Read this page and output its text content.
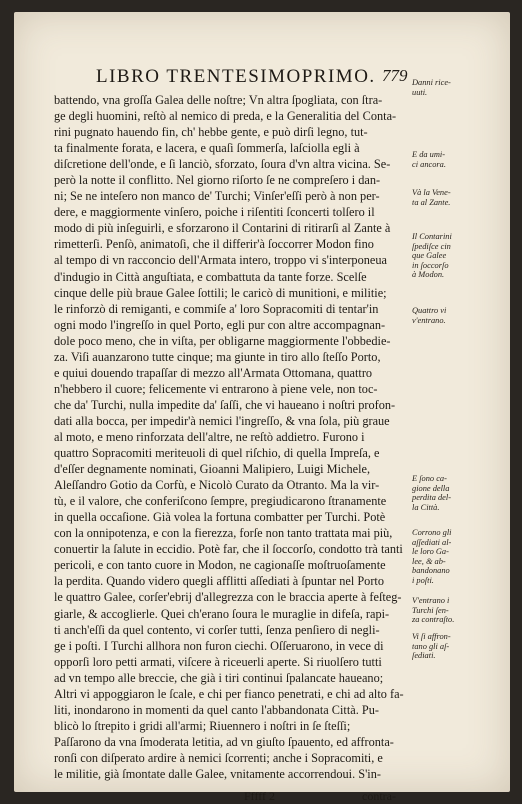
LIBRO TRENTESIMOPRIMO. 779
battendo, vna groſſa Galea delle noſtre; Vn altra ſpogliata, con ſtra-
ge degli huomini, reſtò al nemico di preda, e la Generalitia del Conta-
rini pugnato hauendo fin, ch' hebbe gente, e può dirſi legno, tut-
ta finalmente forata, e lacera, e quaſi ſommerſa, laſciolla egli à
diſcretione dell'onde, e ſi lanciò, sforzato, ſoura d'vn altra vicina. Se-
però la notte il conflitto. Nel giorno riſorto ſe ne compreſero i dan-
ni; Se ne inteſero non manco de' Turchi; Vinſer'eſſi però à non per-
dere, e maggiormente vinſero, poiche i riſentiti ſconcerti tolſero il
modo di più inſeguirli, e sforzarono il Contarini di ritirarſi al Zante à
rimetterſi. Penſò, animatoſi, che il differir'à ſoccorrer Modon fino
al tempo di vn racconcio dell'Armata intero, troppo vi s'interponeua
d'indugio in Città anguſtiata, e combattuta da tante forze. Scelſe
cinque delle più braue Galee ſottili; le caricò di munitioni, e militie;
le rinforzò di remiganti, e commiſe a' loro Sopracomiti di tentar'in
ogni modo l'ingreſſo in quel Porto, egli pur con altre accompagnan-
dole poco meno, che in viſta, per obligarne maggiormente l'obbedie-
za. Viſi auanzarono tutte cinque; ma giunte in tiro allo ſteſſo Porto,
e quiui douendo trapaſſar di mezzo all'Armata Ottomana, quattro
n'hebbero il cuore; felicemente vi entrarono à piene vele, non toc-
che da' Turchi, nulla impedite da' ſaſſi, che vi haueano i noſtri profon-
dati alla bocca, per impedir'à nemici l'ingreſſo, & vna ſola, più graue
al moto, e meno rinforzata dell'altre, ne reſtò addietro. Furono i
quattro Sopracomiti meriteuoli di quel riſchio, di quella Impreſa, e
d'eſſer degnamente nominati, Gioanni Malipiero, Luigi Michele,
Aleſſandro Gotio da Corfù, e Nicolò Curato da Otranto. Ma la vir-
tù, e il valore, che conferiſcono ſempre, pregiudicarono ſtranamente
in quella occaſione. Già volea la fortuna combatter per Turchi. Potè
con la onnipotenza, e con la fierezza, forſe non tanto trattata mai più,
conuertir la ſalute in eccidio. Potè far, che il ſoccorſo, condotto trà tanti
pericoli, e con tanto cuore in Modon, ne cagionaſſe moſtruoſamente
la perdita. Quando videro quegli afflitti aſſediati à ſpuntar nel Porto
le quattro Galee, corſer'ebrij d'allegrezza con le braccia aperte à feſteg-
giarle, & accoglierle. Quei ch'erano ſoura le muraglie in difeſa, rapi-
ti anch'eſſi da quel contento, vi corſer tutti, ſenza penſiero di negli-
ge i poſti. I Turchi allhora non furon ciechi. Oſſeruarono, in vece di
opporſi loro petti armati, viſcere à riceuerli aperte. Si riuolſero tutti
ad vn tempo alle breccie, che già i tiri continui ſpalancate haueano;
Altri vi appoggiaron le ſcale, e chi per fianco penetrati, e chi ad alto fa-
liti, inondarono in momenti da quel canto l'abbandonata Città. Pu-
blicò lo ſtrepito i gridi all'armi; Riuennero i noſtri in ſe ſteſſi;
Paſſarono da vna ſmoderata letitia, ad vn giuſto ſpauento, ed affronta-
ronſi con diſperato ardire à nemici ſcorrenti; anche i Sopracomiti, e
le militie, già ſmontate dalle Galee, vnitamente accorrendoui. S'in-
Danni rice-
uuti.
E da umi-
ci ancora.
Và la Vene-
ta al Zante.
Il Contarini
ſpediſce cin
que Galee
in ſoccorſo
à Modon.
Quattro vi
v'entrano.
E ſono ca-
gione della
perdita del-
la Città.
Corrono gli
aſſediati al-
le loro Ga-
lee, & ab-
bandonano
i poſti.
V'entrano i
Turchi ſen-
za contraſto.
Vi ſi affron-
tano gli aſ-
ſediati.
Fffff 2	contra-
